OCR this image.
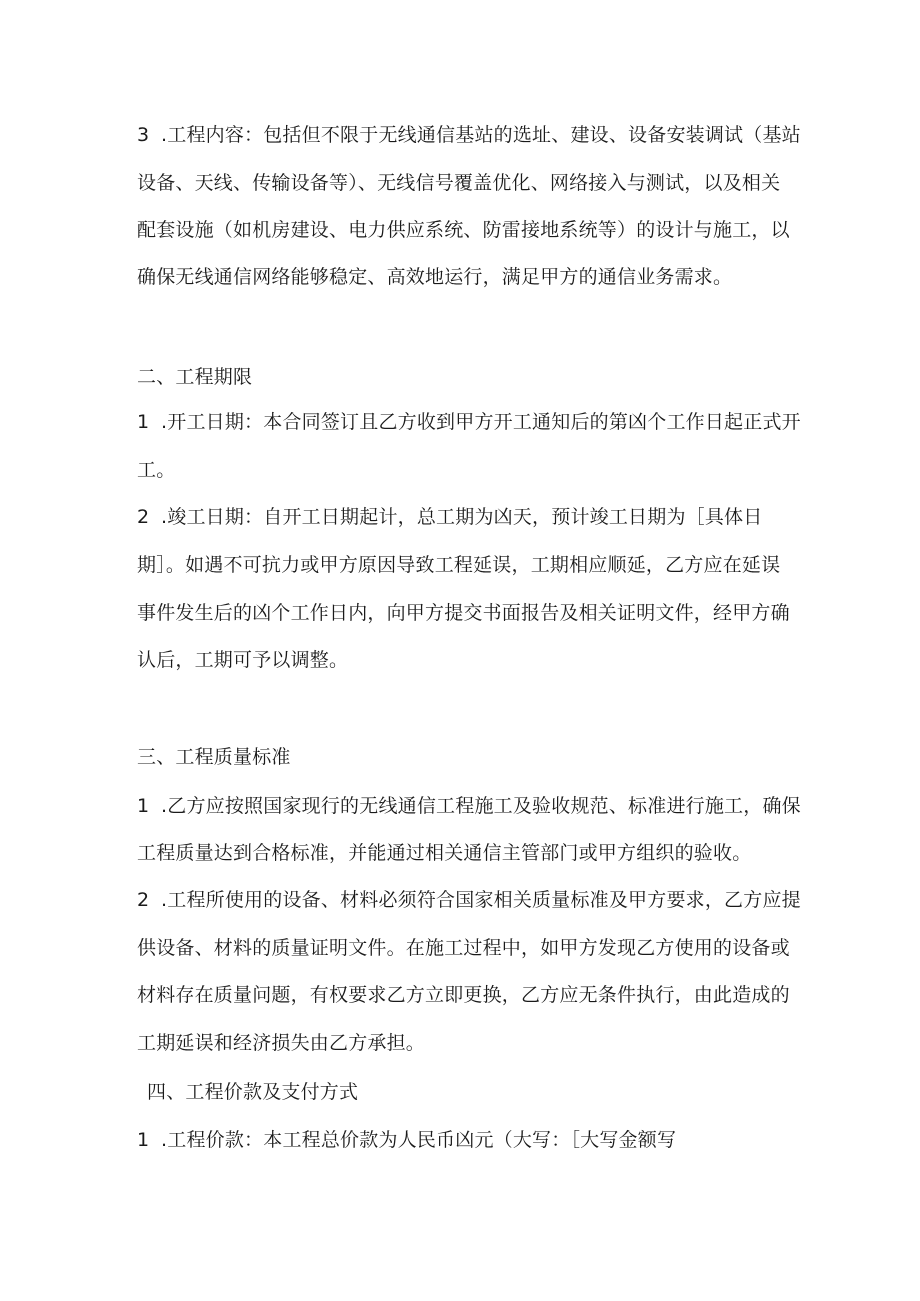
3 .工程内容：包括但不限于无线通信基站的选址、建设、设备安装调试（基站
设备、天线、传输设备等）、无线信号覆盖优化、网络接入与测试，以及相关
配套设施（如机房建设、电力供应系统、防雷接地系统等）的设计与施工，以
确保无线通信网络能够稳定、高效地运行，满足甲方的通信业务需求。
二、工程期限
1 .开工日期：本合同签订且乙方收到甲方开工通知后的第凶个工作日起正式开
工。
2 .竣工日期：自开工日期起计，总工期为凶天，预计竣工日期为［具体日
期］。如遇不可抗力或甲方原因导致工程延误，工期相应顺延，乙方应在延误
事件发生后的凶个工作日内，向甲方提交书面报告及相关证明文件，经甲方确
认后，工期可予以调整。
三、工程质量标准
1 .乙方应按照国家现行的无线通信工程施工及验收规范、标准进行施工，确保
工程质量达到合格标准，并能通过相关通信主管部门或甲方组织的验收。
2 .工程所使用的设备、材料必须符合国家相关质量标准及甲方要求，乙方应提
供设备、材料的质量证明文件。在施工过程中，如甲方发现乙方使用的设备或
材料存在质量问题，有权要求乙方立即更换，乙方应无条件执行，由此造成的
工期延误和经济损失由乙方承担。
四、工程价款及支付方式
1 .工程价款：本工程总价款为人民币凶元（大写：［大写金额写
